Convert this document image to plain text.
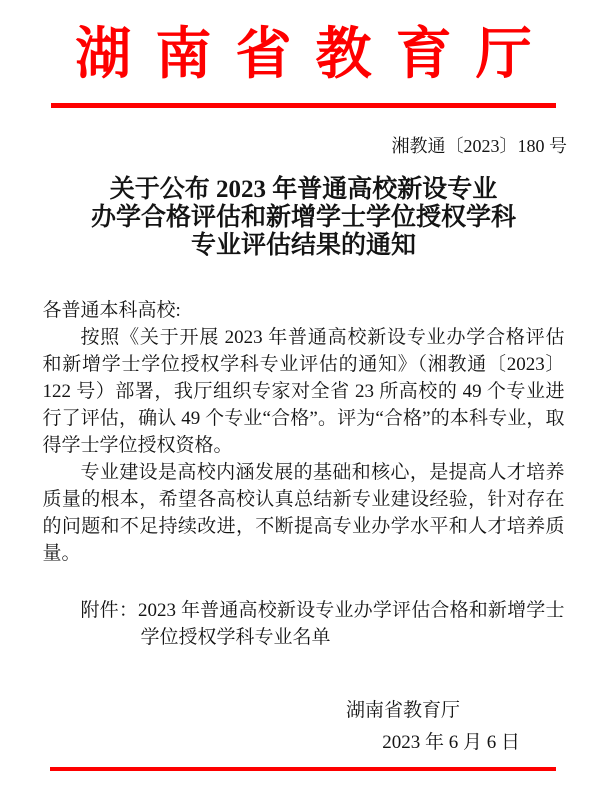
湖南省教育厅
湘教通〔2023〕180 号
关于公布 2023 年普通高校新设专业
办学合格评估和新增学士学位授权学科
专业评估结果的通知
各普通本科高校:
按照《关于开展 2023 年普通高校新设专业办学合格评估和新增学士学位授权学科专业评估的通知》（湘教通〔2023〕122 号）部署，我厅组织专家对全省 23 所高校的 49 个专业进行了评估，确认 49 个专业“合格”。评为“合格”的本科专业，取得学士学位授权资格。
专业建设是高校内涵发展的基础和核心，是提高人才培养质量的根本，希望各高校认真总结新专业建设经验，针对存在的问题和不足持续改进，不断提高专业办学水平和人才培养质量。
附件：2023 年普通高校新设专业办学评估合格和新增学士学位授权学科专业名单
湖南省教育厅
2023 年 6 月 6 日
